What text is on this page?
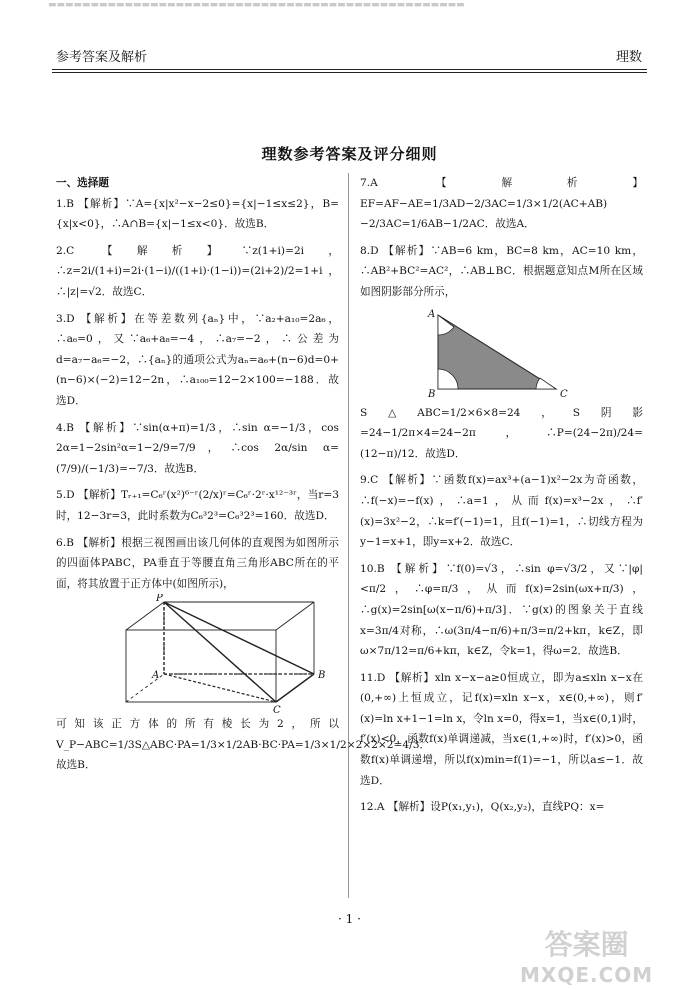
▬▬▬▬▬▬▬▬▬▬▬▬▬▬▬▬▬▬▬▬▬▬▬▬▬▬▬▬▬▬▬▬▬▬▬▬▬▬▬▬▬▬▬▬▬▬▬▬▬
参考答案及解析	理数
理数参考答案及评分细则

一、选择题

1.B 【解析】∵A={x|x²−x−2≤0}={x|−1≤x≤2}，B={x|x<0}，∴A∩B={x|−1≤x<0}．故选B．

2.C 【解析】∵z(1+i)=2i，∴z=2i/(1+i)=2i·(1−i)/((1+i)·(1−i))=(2i+2)/2=1+i，∴|z|=√2．故选C．

3.D 【解析】在等差数列{aₙ}中，∵a₂+a₁₀=2a₆，∴a₆=0，又∵a₆+a₈=−4，∴a₇=−2，∴公差为d=a₇−a₆=−2，∴{aₙ}的通项公式为aₙ=a₆+(n−6)d=0+(n−6)×(−2)=12−2n，∴a₁₀₀=12−2×100=−188．故选D．

4.B 【解析】∵sin(α+π)=1/3，∴sin α=−1/3，cos 2α=1−2sin²α=1−2/9=7/9，∴cos 2α/sin α=(7/9)/(−1/3)=−7/3．故选B．

5.D 【解析】Tᵣ₊₁=C₆ʳ(x²)⁶⁻ʳ(2/x)ʳ=C₆ʳ·2ʳ·x¹²⁻³ʳ，当r=3时，12−3r=3，此时系数为C₆³2³=C₆³2³=160．故选D．

6.B 【解析】根据三视图画出该几何体的直观图为如图所示的四面体PABC，PA垂直于等腰直角三角形ABC所在的平面，将其放置于正方体中(如图所示)，

P
A	B
C

可知该正方体的所有棱长为2，所以V_P−ABC=1/3S△ABC·PA=1/3×1/2AB·BC·PA=1/3×1/2×2×2×2=4/3．故选B．

7.A 【解析】EF=AF−AE=1/3AD−2/3AC=1/3×1/2(AC+AB)−2/3AC=1/6AB−1/2AC．故选A．

8.D 【解析】∵AB=6 km，BC=8 km，AC=10 km，∴AB²+BC²=AC²，∴AB⊥BC．根据题意知点M所在区域如图阴影部分所示，

A
B	C

S△ABC=1/2×6×8=24，S阴影=24−1/2π×4=24−2π，∴P=(24−2π)/24=(12−π)/12．故选D．

9.C 【解析】∵函数f(x)=ax³+(a−1)x²−2x为奇函数，∴f(−x)=−f(x)，∴a=1，从而f(x)=x³−2x，∴f′(x)=3x²−2，∴k=f′(−1)=1，且f(−1)=1，∴切线方程为y−1=x+1，即y=x+2．故选C．

10.B 【解析】∵f(0)=√3，∴sin φ=√3/2，又∵|φ|<π/2，∴φ=π/3，从而f(x)=2sin(ωx+π/3)，∴g(x)=2sin[ω(x−π/6)+π/3]．∵g(x)的图象关于直线x=3π/4对称，∴ω(3π/4−π/6)+π/3=π/2+kπ，k∈Z，即ω×7π/12=π/6+kπ，k∈Z，令k=1，得ω=2．故选B．

11.D 【解析】xln x−x−a≥0恒成立，即为a≤xln x−x在(0,+∞)上恒成立，记f(x)=xln x−x，x∈(0,+∞)，则f′(x)=ln x+1−1=ln x，令ln x=0，得x=1，当x∈(0,1)时，f′(x)<0，函数f(x)单调递减，当x∈(1,+∞)时，f′(x)>0，函数f(x)单调递增，所以f(x)min=f(1)=−1，所以a≤−1．故选D．

12.A 【解析】设P(x₁,y₁)，Q(x₂,y₂)，直线PQ：x=

· 1 ·
答案圈
MXQE.COM
